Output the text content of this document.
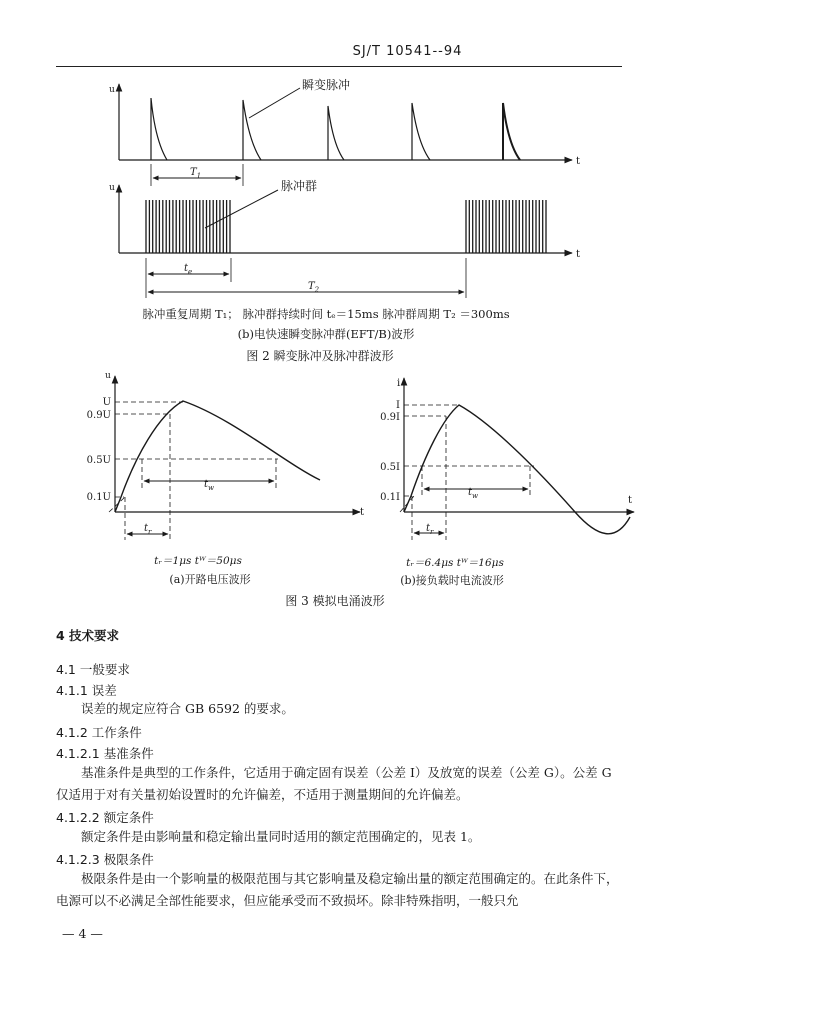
SJ/T 10541--94
瞬变脉冲
u
t
$T_1$
脉冲群
u
t
$t_e$
$T_2$
脉冲重复周期 T₁； 脉冲群持续时间 tₑ＝15ms 脉冲群周期 T₂ ＝300ms
(b)电快速瞬变脉冲群(EFT/B)波形
图 2 瞬变脉冲及脉冲群波形
u
t
U
0.9U
0.5U
0.1U
$t_w$
$t_r$
tᵣ＝1μs tᵂ＝50μs
(a)开路电压波形
i
t
I
0.9I
0.5I
0.1I	$t_w$
$t_r$
tᵣ＝6.4μs tᵂ＝16μs
(b)接负载时电流波形
图 3 模拟电涌波形
4 技术要求
4.1 一般要求
4.1.1 误差
误差的规定应符合 GB 6592 的要求。
4.1.2 工作条件
4.1.2.1 基准条件
基准条件是典型的工作条件，它适用于确定固有误差（公差 I）及放宽的误差（公差 G）。公差 G 仅适用于对有关量初始设置时的允许偏差，不适用于测量期间的允许偏差。
4.1.2.2 额定条件
额定条件是由影响量和稳定输出量同时适用的额定范围确定的，见表 1。
4.1.2.3 极限条件
极限条件是由一个影响量的极限范围与其它影响量及稳定输出量的额定范围确定的。在此条件下，电源可以不必满足全部性能要求，但应能承受而不致损坏。除非特殊指明，一般只允
— 4 —
